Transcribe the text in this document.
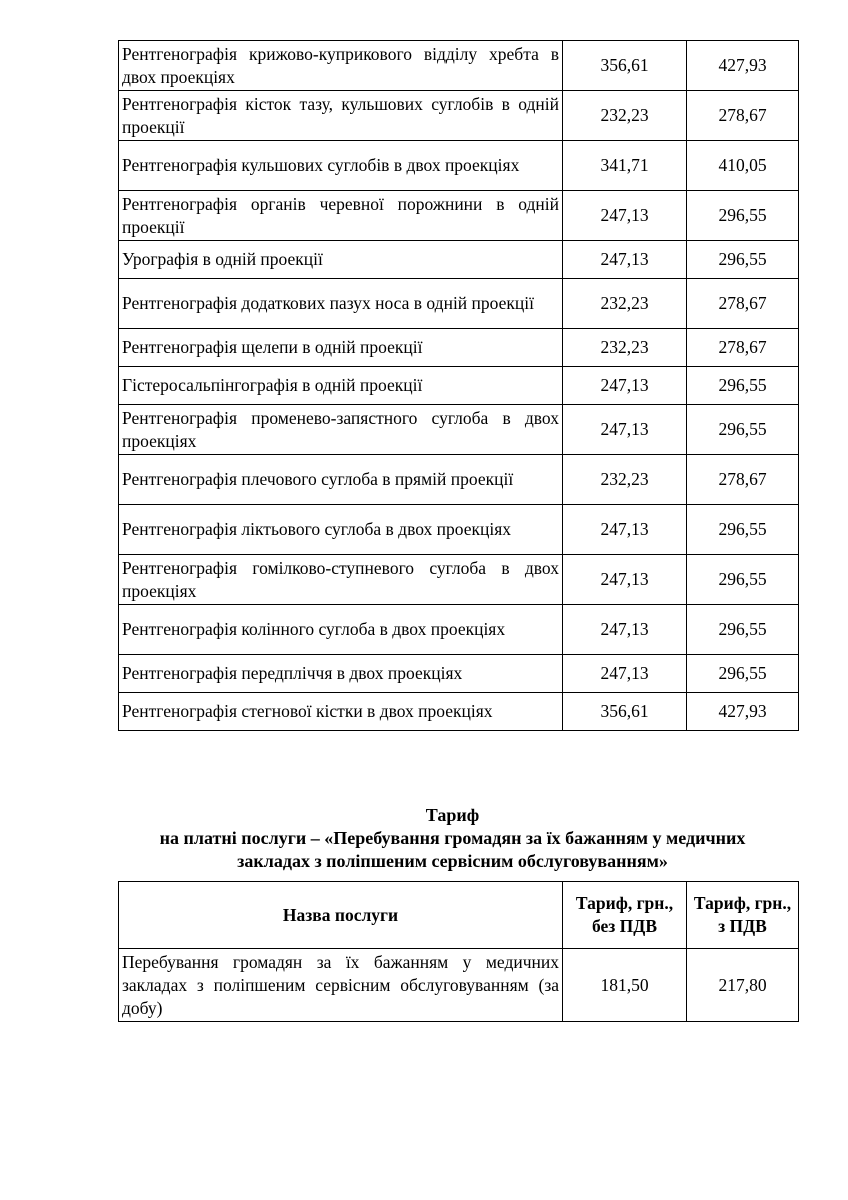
Рентгенографія крижово-куприкового відділу хребта в двох проекціях	356,61	427,93
Рентгенографія кісток тазу, кульшових суглобів в одній проекції	232,23	278,67
Рентгенографія кульшових суглобів в двох проекціях	341,71	410,05
Рентгенографія органів черевної порожнини в одній проекції	247,13	296,55
Урографія в одній проекції	247,13	296,55
Рентгенографія додаткових пазух носа в одній проекції	232,23	278,67
Рентгенографія щелепи в одній проекції	232,23	278,67
Гістеросальпінгографія в одній проекції	247,13	296,55
Рентгенографія променево-запястного суглоба в двох проекціях	247,13	296,55
Рентгенографія плечового суглоба в прямій проекції	232,23	278,67
Рентгенографія ліктьового суглоба в двох проекціях	247,13	296,55
Рентгенографія гомілково-ступневого суглоба в двох проекціях	247,13	296,55
Рентгенографія колінного суглоба в двох проекціях	247,13	296,55
Рентгенографія передпліччя в двох проекціях	247,13	296,55
Рентгенографія стегнової кістки в двох проекціях	356,61	427,93
Тариф
на платні послуги – «Перебування громадян за їх бажанням у медичних
закладах з поліпшеним сервісним обслуговуванням»
Назва послуги	Тариф, грн., без ПДВ	Тариф, грн., з ПДВ
Перебування громадян за їх бажанням у медичних закладах з поліпшеним сервісним обслуговуванням (за добу)	181,50	217,80
